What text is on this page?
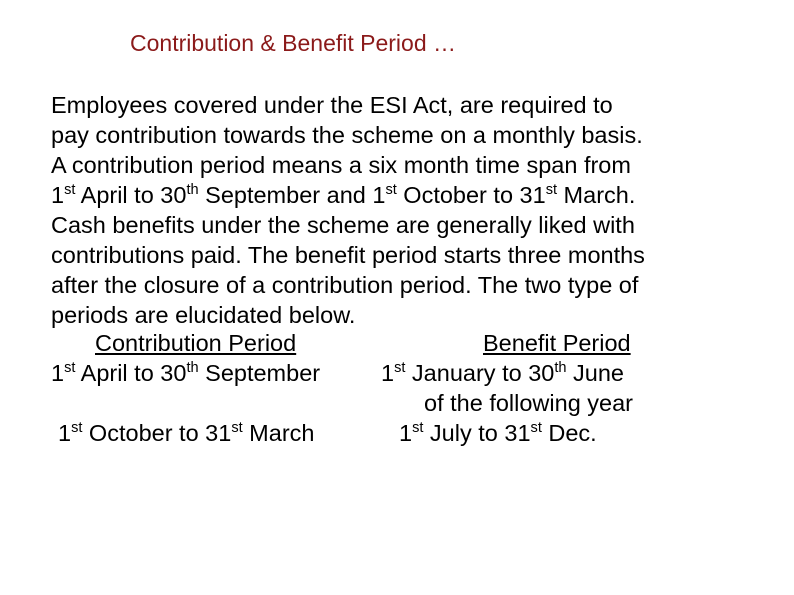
Contribution & Benefit Period …
Employees covered under the ESI Act, are required to
pay contribution towards the scheme on a monthly basis.
A contribution period means a six month time span from
1st April to 30th September and 1st October to 31st March.
Cash benefits under the scheme are generally liked with
contributions paid. The benefit period starts three months
after the closure of a contribution period. The two type of
periods are elucidated below.
Contribution Period	Benefit Period
1st April to 30th September	1st January to 30th June
of the following year
1st October to 31st March	1st July to 31st Dec.
